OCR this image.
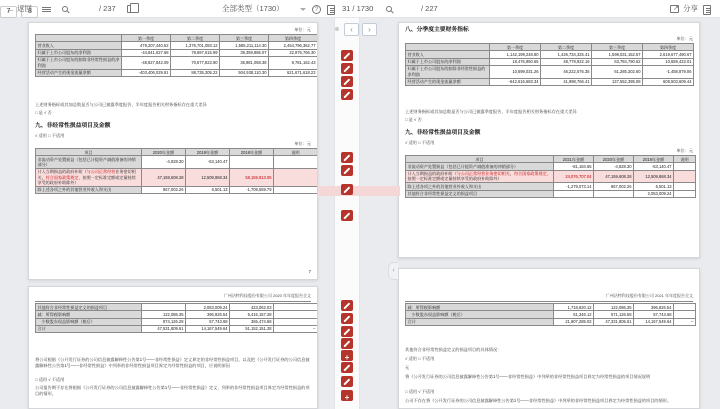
←
返回
7
	/ 237	全部类型（1730） ?	31 / 1730
8	/ 227 ↗	分享
单位：元
	第一季度	第二季度	第三季度	第四季度
营业收入	479,207,440.62	1,376,701,083.12	1,585,211,114.30	2,454,796,362.77
归属于上市公司股东的净利润	-44,841,627.68	78,697,615.99	39,359,886.07	22,876,766.30
归属于上市公司股东的扣除非经常性损益的净利润	-48,827,842.09	70,577,823.90	36,981,058.38	9,781,162.43
经营活动产生的现金流量净额	-403,406,029.91	88,735,305.22	504,938,110.30	621,671,618.23
上述财务指标或其加总数是否与公司已披露季度报告、半年度报告相关财务指标存在重大差异
□ 是 √ 否
九、非经常性损益项目及金额
√ 适用 □ 不适用
单位：元
项目	2020年金额	2019年金额	2018年金额	说明
非流动资产处置损益（包括已计提资产减值准备的冲销部分）	-4,828.30	-53,140.47		
计入当期损益的政府补助（与公司正常经营业务密切相关，符合国家政策规定、按照一定标准定额或定量持续享受的政府补助除外）	47,159,608.28	12,509,868.34	58,159,913.05	
除上述各项之外的其他营业外收入和支出	867,002.26	6,501.13	-1,709,559.79	
7
广州洁特科技股份有限公司 2020 年年度报告全文
其他符合非经常性损益定义的损益项目		2,053,009.24	423,062.03	
减：所得税影响额	122,086.35	396,826.54	5,415,157.28	
　少数股东权益影响额（税后）	874,126.28	57,743.68	365,474.68	
合计	47,531,809.61	14,167,549.64	51,152,151.28	--
将公司根据《公开发行证券的公司信息披露解释性公告第1号——非经常性损益》定义界定的非经常性损益项目，以及把《公开发行证券的公司信息披露解释性公告第1号——非经常性损益》中列举的非经常性损益项目界定为经常性损益的项目，应说明原因
□ 适用 √ 不适用
公司报告期不存在将根据《公开发行证券的公司信息披露解释性公告第1号——非经常性损益》定义、列举的非经常性损益项目界定为经常性损益的项目的情形。
八、分季度主要财务指标
单位：元
	第一季度	第二季度	第三季度	第四季度
营业收入	1,142,199,248.80	1,426,734,325.41	1,598,031,152.57	2,619,677,490.67
归属于上市公司股东的净利润	18,476,950.65	48,779,922.16	63,784,790.62	10,559,423.01
归属于上市公司股东的扣除非经常性损益的净利润	10,699,031.26	46,222,576.35	61,285,302.60	-1,458,879.06
经营活动产生的现金流量净额	-642,616,683.34	41,998,766.41	137,552,395.08	608,503,609.44
上述财务指标或其加总数是否与公司已披露季度报告、半年度报告相关财务指标存在重大差异
□ 是 √ 否
九、非经常性损益项目及金额
√ 适用 □ 不适用
单位：元
项目	2021年金额	2020年金额	2019年金额	说明
非流动资产处置损益（包括已计提资产减值准备的冲销部分）	-81,184.65	-4,828.30	-53,140.47	
计入当期损益的政府补助（与公司正常经营业务密切相关，符合国家政策规定、按照一定标准定额或定量持续享受的政府补助除外）	24,076,707.04	47,159,608.28	12,509,868.34	
除上述各项之外的其他营业外收入和支出	-1,279,073.14	867,002.26	6,501.13	
其他符合非经常性损益定义的损益项目			2,053,009.24	
广州洁特科技股份有限公司 2021 年年度报告全文
减：所得税影响额	1,718,820.12	122,086.35	396,826.54	
　少数股东权益影响额（税后）	51,346.12	571,126.58	57,743.68	
合计	21,907,285.02	47,331,805.61	14,167,549.64	--
其他符合非经常性损益定义的损益项目的具体情况：
√ 适用 □ 不适用
无
将《公开发行证券的公司信息披露解释性公告第1号——非经常性损益》中列举的非经常性损益项目界定为经常性损益的项目情况说明
□ 适用 √ 不适用
公司不存在将《公开发行证券的公司信息披露解释性公告第1号——非经常性损益》中列举的非经常性损益项目界定为经常性损益的项目的情形。
‹
›
+
+
‹
